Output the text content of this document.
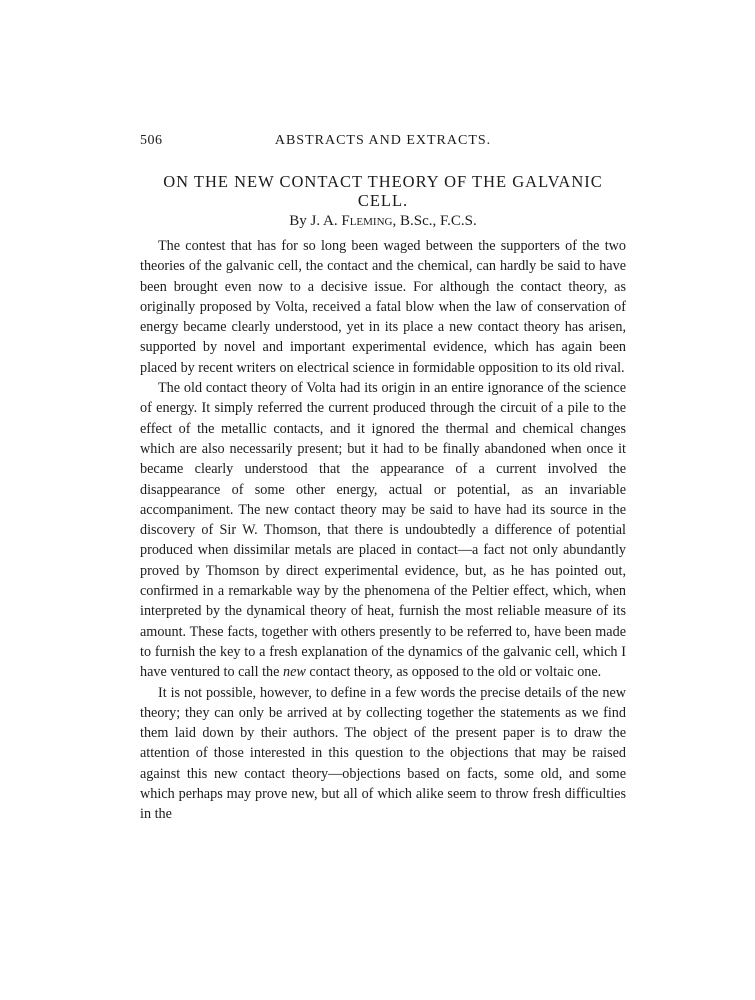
506	ABSTRACTS AND EXTRACTS.
ON THE NEW CONTACT THEORY OF THE GALVANIC CELL.
By J. A. Fleming, B.Sc., F.C.S.

The contest that has for so long been waged between the supporters of the two theories of the galvanic cell, the contact and the chemical, can hardly be said to have been brought even now to a decisive issue. For although the contact theory, as originally proposed by Volta, received a fatal blow when the law of conservation of energy became clearly understood, yet in its place a new contact theory has arisen, supported by novel and important experimental evidence, which has again been placed by recent writers on electrical science in formidable opposition to its old rival.

The old contact theory of Volta had its origin in an entire ignorance of the science of energy. It simply referred the current produced through the circuit of a pile to the effect of the metallic contacts, and it ignored the thermal and chemical changes which are also necessarily present; but it had to be finally abandoned when once it became clearly understood that the appearance of a current involved the disappearance of some other energy, actual or potential, as an invariable accompaniment. The new contact theory may be said to have had its source in the discovery of Sir W. Thomson, that there is undoubtedly a difference of potential produced when dissimilar metals are placed in contact—a fact not only abundantly proved by Thomson by direct experimental evidence, but, as he has pointed out, confirmed in a remarkable way by the phenomena of the Peltier effect, which, when interpreted by the dynamical theory of heat, furnish the most reliable measure of its amount. These facts, together with others presently to be referred to, have been made to furnish the key to a fresh explanation of the dynamics of the galvanic cell, which I have ventured to call the new contact theory, as opposed to the old or voltaic one.

It is not possible, however, to define in a few words the precise details of the new theory; they can only be arrived at by collecting together the statements as we find them laid down by their authors. The object of the present paper is to draw the attention of those interested in this question to the objections that may be raised against this new contact theory—objections based on facts, some old, and some which perhaps may prove new, but all of which alike seem to throw fresh difficulties in the
